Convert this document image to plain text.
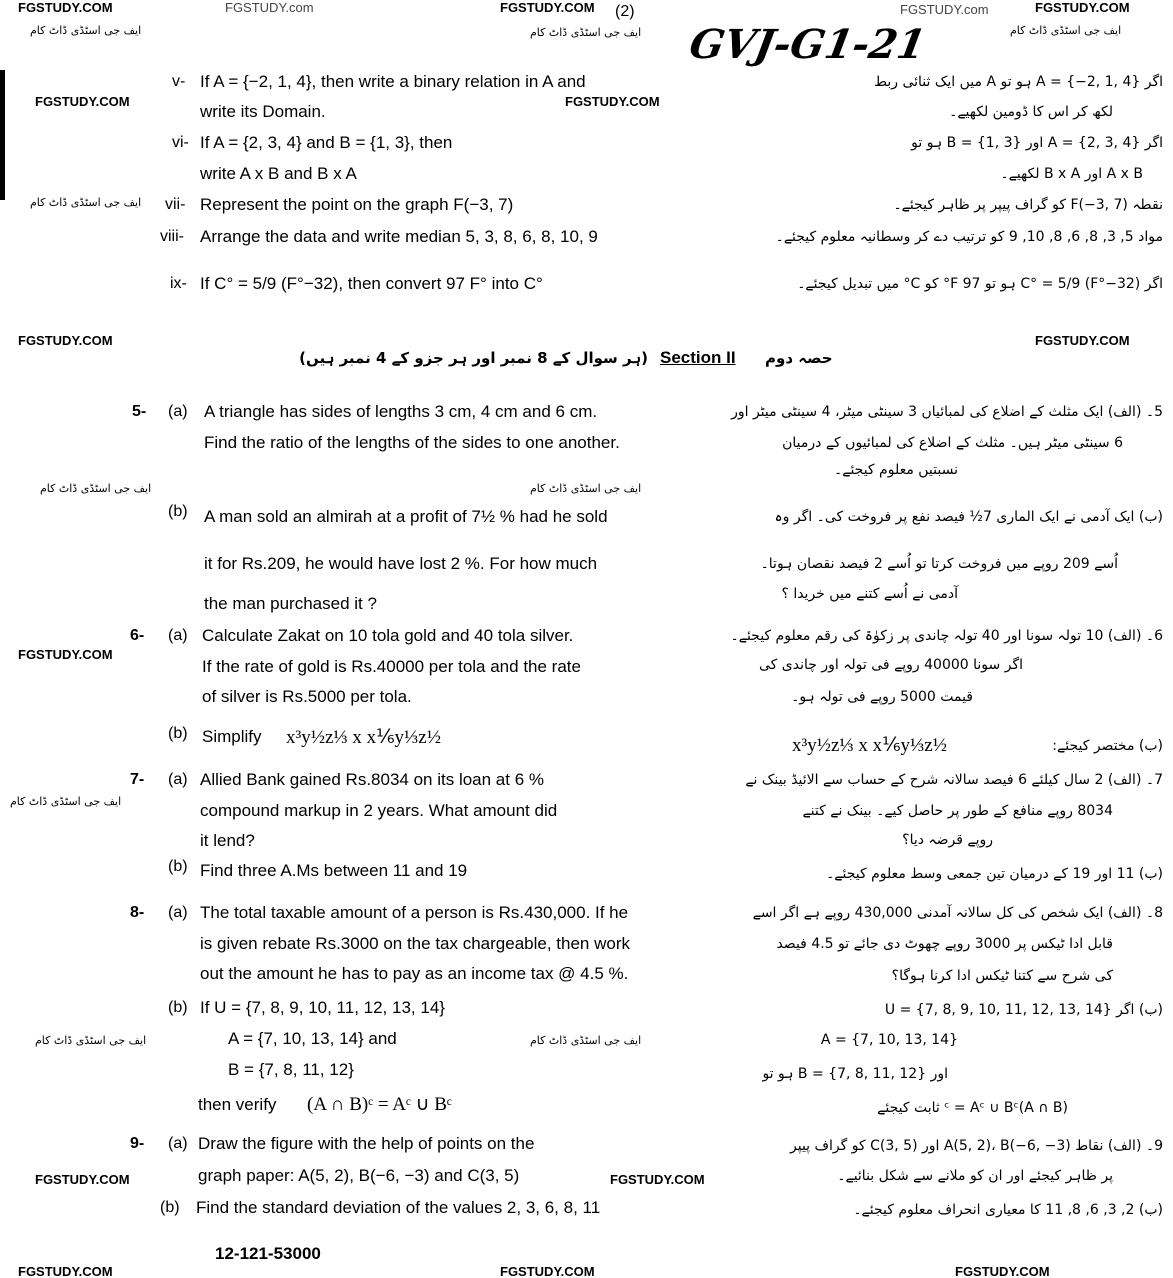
FGSTUDY.COM	FGSTUDY.com	FGSTUDY.COM	FGSTUDY.com	FGSTUDY.COM
(2)
GVJ-G1-21
ایف جی اسٹڈی ڈاٹ کام	ایف جی اسٹڈی ڈاٹ کام	ایف جی اسٹڈی ڈاٹ کام
FGSTUDY.COM	FGSTUDY.COM
ایف جی اسٹڈی ڈاٹ کام
FGSTUDY.COM	FGSTUDY.COM
ایف جی اسٹڈی ڈاٹ کام	ایف جی اسٹڈی ڈاٹ کام
FGSTUDY.COM
ایف جی اسٹڈی ڈاٹ کام
ایف جی اسٹڈی ڈاٹ کام	ایف جی اسٹڈی ڈاٹ کام
FGSTUDY.COM	FGSTUDY.COM
FGSTUDY.COM	FGSTUDY.COM	FGSTUDY.COM
v- If A = {−2, 1, 4}, then write a binary relation in A and
write its Domain.
اگر A = {−2, 1, 4} ہو تو A میں ایک ثنائی ربط
لکھ کر اس کا ڈومین لکھیے۔
vi- If A = {2, 3, 4} and B = {1, 3}, then
write A x B and B x A
اگر A = {2, 3, 4} اور B = {1, 3} ہو تو
A x B اور B x A لکھیے۔
vii- Represent the point on the graph F(−3, 7)	نقطہ F(−3, 7) کو گراف پیپر پر ظاہر کیجئے۔
viii- Arrange the data and write median 5, 3, 8, 6, 8, 10, 9	مواد 5, 3, 8, 6, 8, 10, 9 کو ترتیب دے کر وسطانیہ معلوم کیجئے۔
ix- If C° = 5/9 (F°−32), then convert 97 F° into C°	اگر C° = 5/9 (F°−32) ہو تو 97 F° کو C° میں تبدیل کیجئے۔
(ہر سوال کے 8 نمبر اور ہر جزو کے 4 نمبر ہیں) Section II حصہ دوم
5- (a) A triangle has sides of lengths 3 cm, 4 cm and 6 cm.
Find the ratio of the lengths of the sides to one another.
5۔ (الف) ایک مثلث کے اضلاع کی لمبائیاں 3 سینٹی میٹر، 4 سینٹی میٹر اور
6 سینٹی میٹر ہیں۔ مثلث کے اضلاع کی لمبائیوں کے درمیان
نسبتیں معلوم کیجئے۔
(b) A man sold an almirah at a profit of 7½ % had he sold
it for Rs.209, he would have lost 2 %. For how much
the man purchased it ?
(ب) ایک آدمی نے ایک الماری 7½ فیصد نفع پر فروخت کی۔ اگر وہ
اُسے 209 روپے میں فروخت کرتا تو اُسے 2 فیصد نقصان ہوتا۔
آدمی نے اُسے کتنے میں خریدا ؟
6- (a) Calculate Zakat on 10 tola gold and 40 tola silver.
If the rate of gold is Rs.40000 per tola and the rate
of silver is Rs.5000 per tola.
6۔ (الف) 10 تولہ سونا اور 40 تولہ چاندی پر زکوٰۃ کی رقم معلوم کیجئے۔
اگر سونا 40000 روپے فی تولہ اور چاندی کی
قیمت 5000 روپے فی تولہ ہو۔
(b) Simplify x³y½z⅓ x x⅙y⅓z½	x³y½z⅓ x x⅙y⅓z½	(ب) مختصر کیجئے:
7- (a) Allied Bank gained Rs.8034 on its loan at 6 %
compound markup in 2 years. What amount did
it lend?
7۔ (الف) 2 سال کیلئے 6 فیصد سالانہ شرح کے حساب سے الائیڈ بینک نے
8034 روپے منافع کے طور پر حاصل کیے۔ بینک نے کتنے
روپے قرضہ دیا؟
(b) Find three A.Ms between 11 and 19	(ب) 11 اور 19 کے درمیان تین جمعی وسط معلوم کیجئے۔
8- (a) The total taxable amount of a person is Rs.430,000. If he
is given rebate Rs.3000 on the tax chargeable, then work
out the amount he has to pay as an income tax @ 4.5 %.
8۔ (الف) ایک شخص کی کل سالانہ آمدنی 430,000 روپے ہے اگر اسے
قابل ادا ٹیکس پر 3000 روپے چھوٹ دی جائے تو 4.5 فیصد
کی شرح سے کتنا ٹیکس ادا کرنا ہوگا؟
(b) If U = {7, 8, 9, 10, 11, 12, 13, 14}
A = {7, 10, 13, 14} and
B = {7, 8, 11, 12}
then verify (A ∩ B)ᶜ = Aᶜ ∪ Bᶜ
(ب) اگر U = {7, 8, 9, 10, 11, 12, 13, 14}
A = {7, 10, 13, 14}
اور B = {7, 8, 11, 12} ہو تو
(A ∩ B)ᶜ = Aᶜ ∪ Bᶜ ثابت کیجئے
9- (a) Draw the figure with the help of points on the
graph paper: A(5, 2), B(−6, −3) and C(3, 5)
9۔ (الف) نقاط A(5, 2)، B(−6, −3) اور C(3, 5) کو گراف پیپر
پر ظاہر کیجئے اور ان کو ملانے سے شکل بنائیے۔
(b) Find the standard deviation of the values 2, 3, 6, 8, 11	(ب) 2, 3, 6, 8, 11 کا معیاری انحراف معلوم کیجئے۔
12-121-53000
